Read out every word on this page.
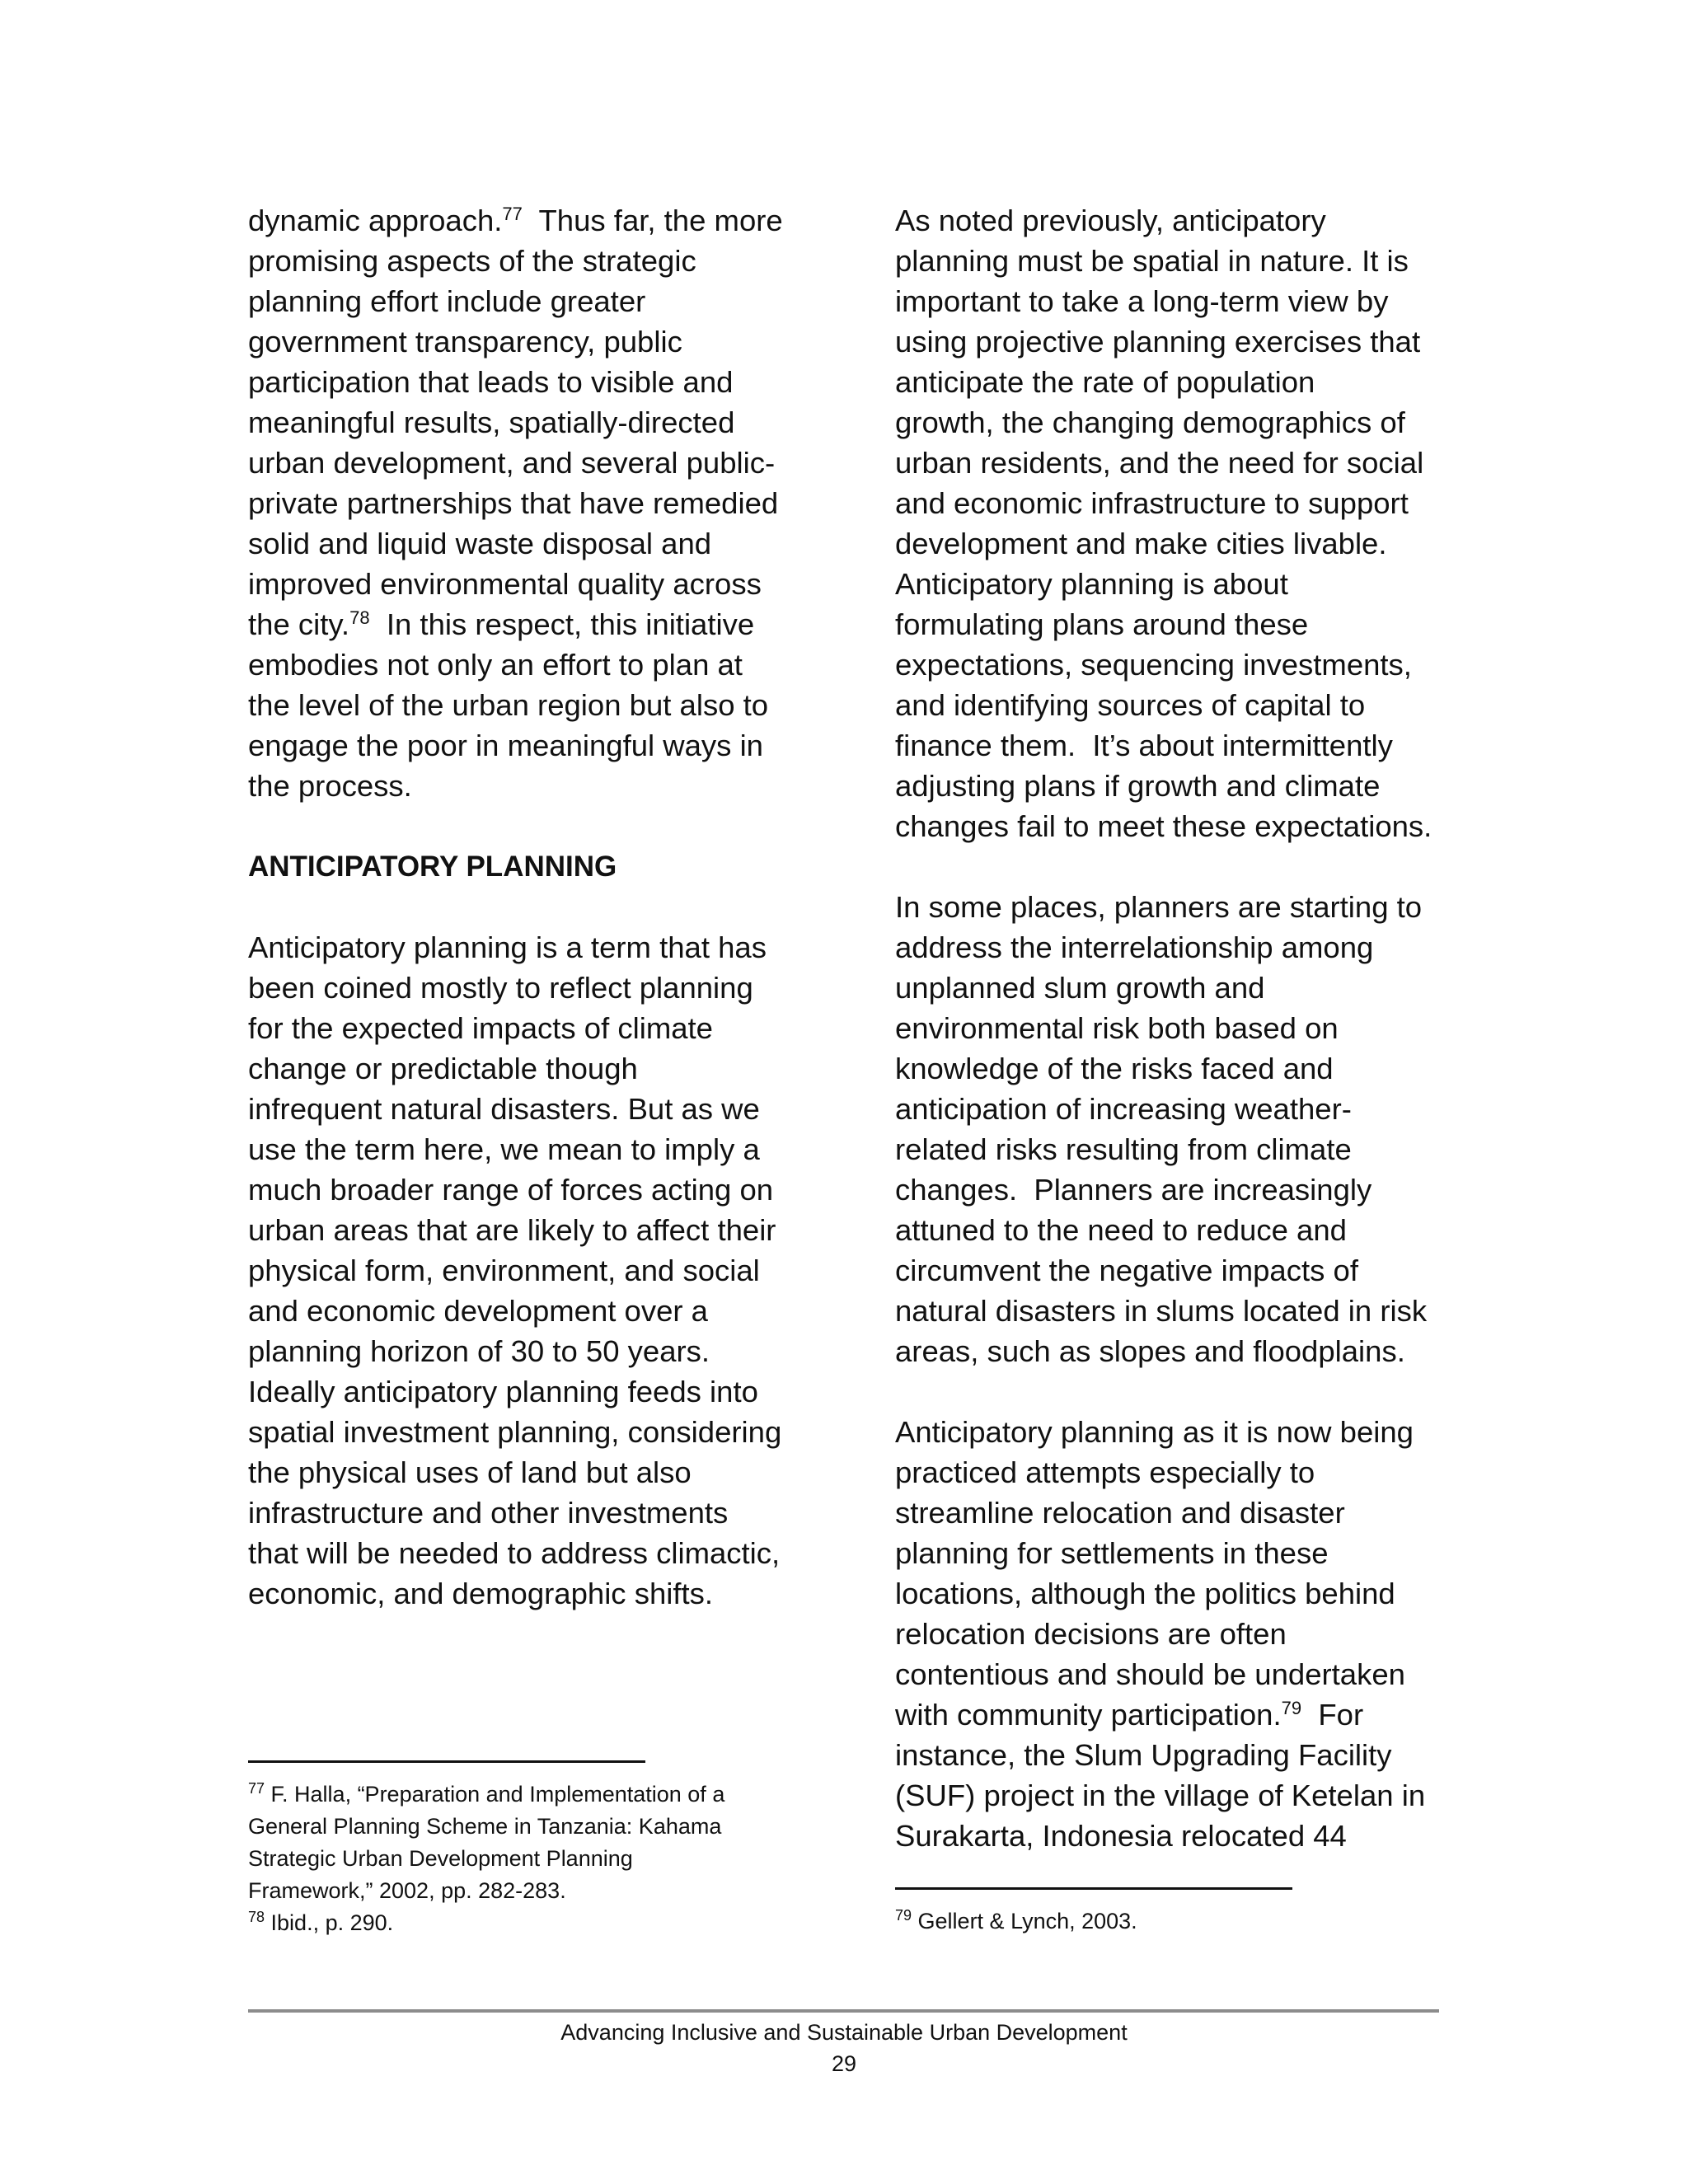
dynamic approach.$^{77}$  Thus far, the more
promising aspects of the strategic
planning effort include greater
government transparency, public
participation that leads to visible and
meaningful results, spatially-directed
urban development, and several public-
private partnerships that have remedied
solid and liquid waste disposal and
improved environmental quality across
the city.$^{78}$  In this respect, this initiative
embodies not only an effort to plan at
the level of the urban region but also to
engage the poor in meaningful ways in
the process.

ANTICIPATORY PLANNING

Anticipatory planning is a term that has
been coined mostly to reflect planning
for the expected impacts of climate
change or predictable though
infrequent natural disasters. But as we
use the term here, we mean to imply a
much broader range of forces acting on
urban areas that are likely to affect their
physical form, environment, and social
and economic development over a
planning horizon of 30 to 50 years.
Ideally anticipatory planning feeds into
spatial investment planning, considering
the physical uses of land but also
infrastructure and other investments
that will be needed to address climactic,
economic, and demographic shifts.

$^{77}$ F. Halla, “Preparation and Implementation of a
General Planning Scheme in Tanzania: Kahama
Strategic Urban Development Planning
Framework,” 2002, pp. 282-283.
$^{78}$ Ibid., p. 290.

As noted previously, anticipatory
planning must be spatial in nature. It is
important to take a long-term view by
using projective planning exercises that
anticipate the rate of population
growth, the changing demographics of
urban residents, and the need for social
and economic infrastructure to support
development and make cities livable.
Anticipatory planning is about
formulating plans around these
expectations, sequencing investments,
and identifying sources of capital to
finance them.  It’s about intermittently
adjusting plans if growth and climate
changes fail to meet these expectations.

In some places, planners are starting to
address the interrelationship among
unplanned slum growth and
environmental risk both based on
knowledge of the risks faced and
anticipation of increasing weather-
related risks resulting from climate
changes.  Planners are increasingly
attuned to the need to reduce and
circumvent the negative impacts of
natural disasters in slums located in risk
areas, such as slopes and floodplains.

Anticipatory planning as it is now being
practiced attempts especially to
streamline relocation and disaster
planning for settlements in these
locations, although the politics behind
relocation decisions are often
contentious and should be undertaken
with community participation.$^{79}$  For
instance, the Slum Upgrading Facility
(SUF) project in the village of Ketelan in
Surakarta, Indonesia relocated 44

$^{79}$ Gellert & Lynch, 2003.

Advancing Inclusive and Sustainable Urban Development

29
